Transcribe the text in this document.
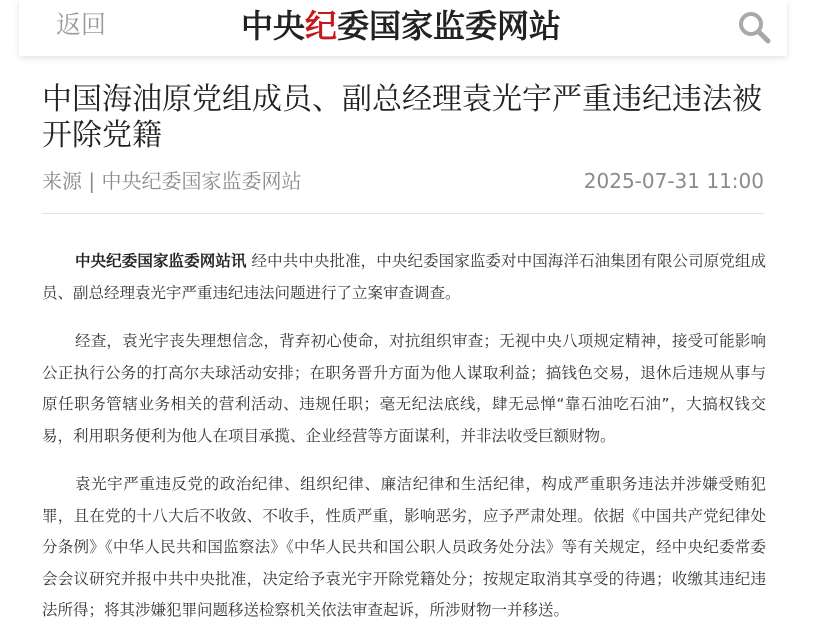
返回	中央纪委国家监委网站
中国海油原党组成员、副总经理袁光宇严重违纪违法被开除党籍
来源 | 中央纪委国家监委网站	2025-07-31 11:00

中央纪委国家监委网站讯 经中共中央批准，中央纪委国家监委对中国海洋石油集团有限公司原党组成员、副总经理袁光宇严重违纪违法问题进行了立案审查调查。

经查，袁光宇丧失理想信念，背弃初心使命，对抗组织审查；无视中央八项规定精神，接受可能影响公正执行公务的打高尔夫球活动安排；在职务晋升方面为他人谋取利益；搞钱色交易，退休后违规从事与原任职务管辖业务相关的营利活动、违规任职；毫无纪法底线，肆无忌惮“靠石油吃石油”，大搞权钱交易，利用职务便利为他人在项目承揽、企业经营等方面谋利，并非法收受巨额财物。

袁光宇严重违反党的政治纪律、组织纪律、廉洁纪律和生活纪律，构成严重职务违法并涉嫌受贿犯罪，且在党的十八大后不收敛、不收手，性质严重，影响恶劣，应予严肃处理。依据《中国共产党纪律处分条例》《中华人民共和国监察法》《中华人民共和国公职人员政务处分法》等有关规定，经中央纪委常委会会议研究并报中共中央批准，决定给予袁光宇开除党籍处分；按规定取消其享受的待遇；收缴其违纪违法所得；将其涉嫌犯罪问题移送检察机关依法审查起诉，所涉财物一并移送。
